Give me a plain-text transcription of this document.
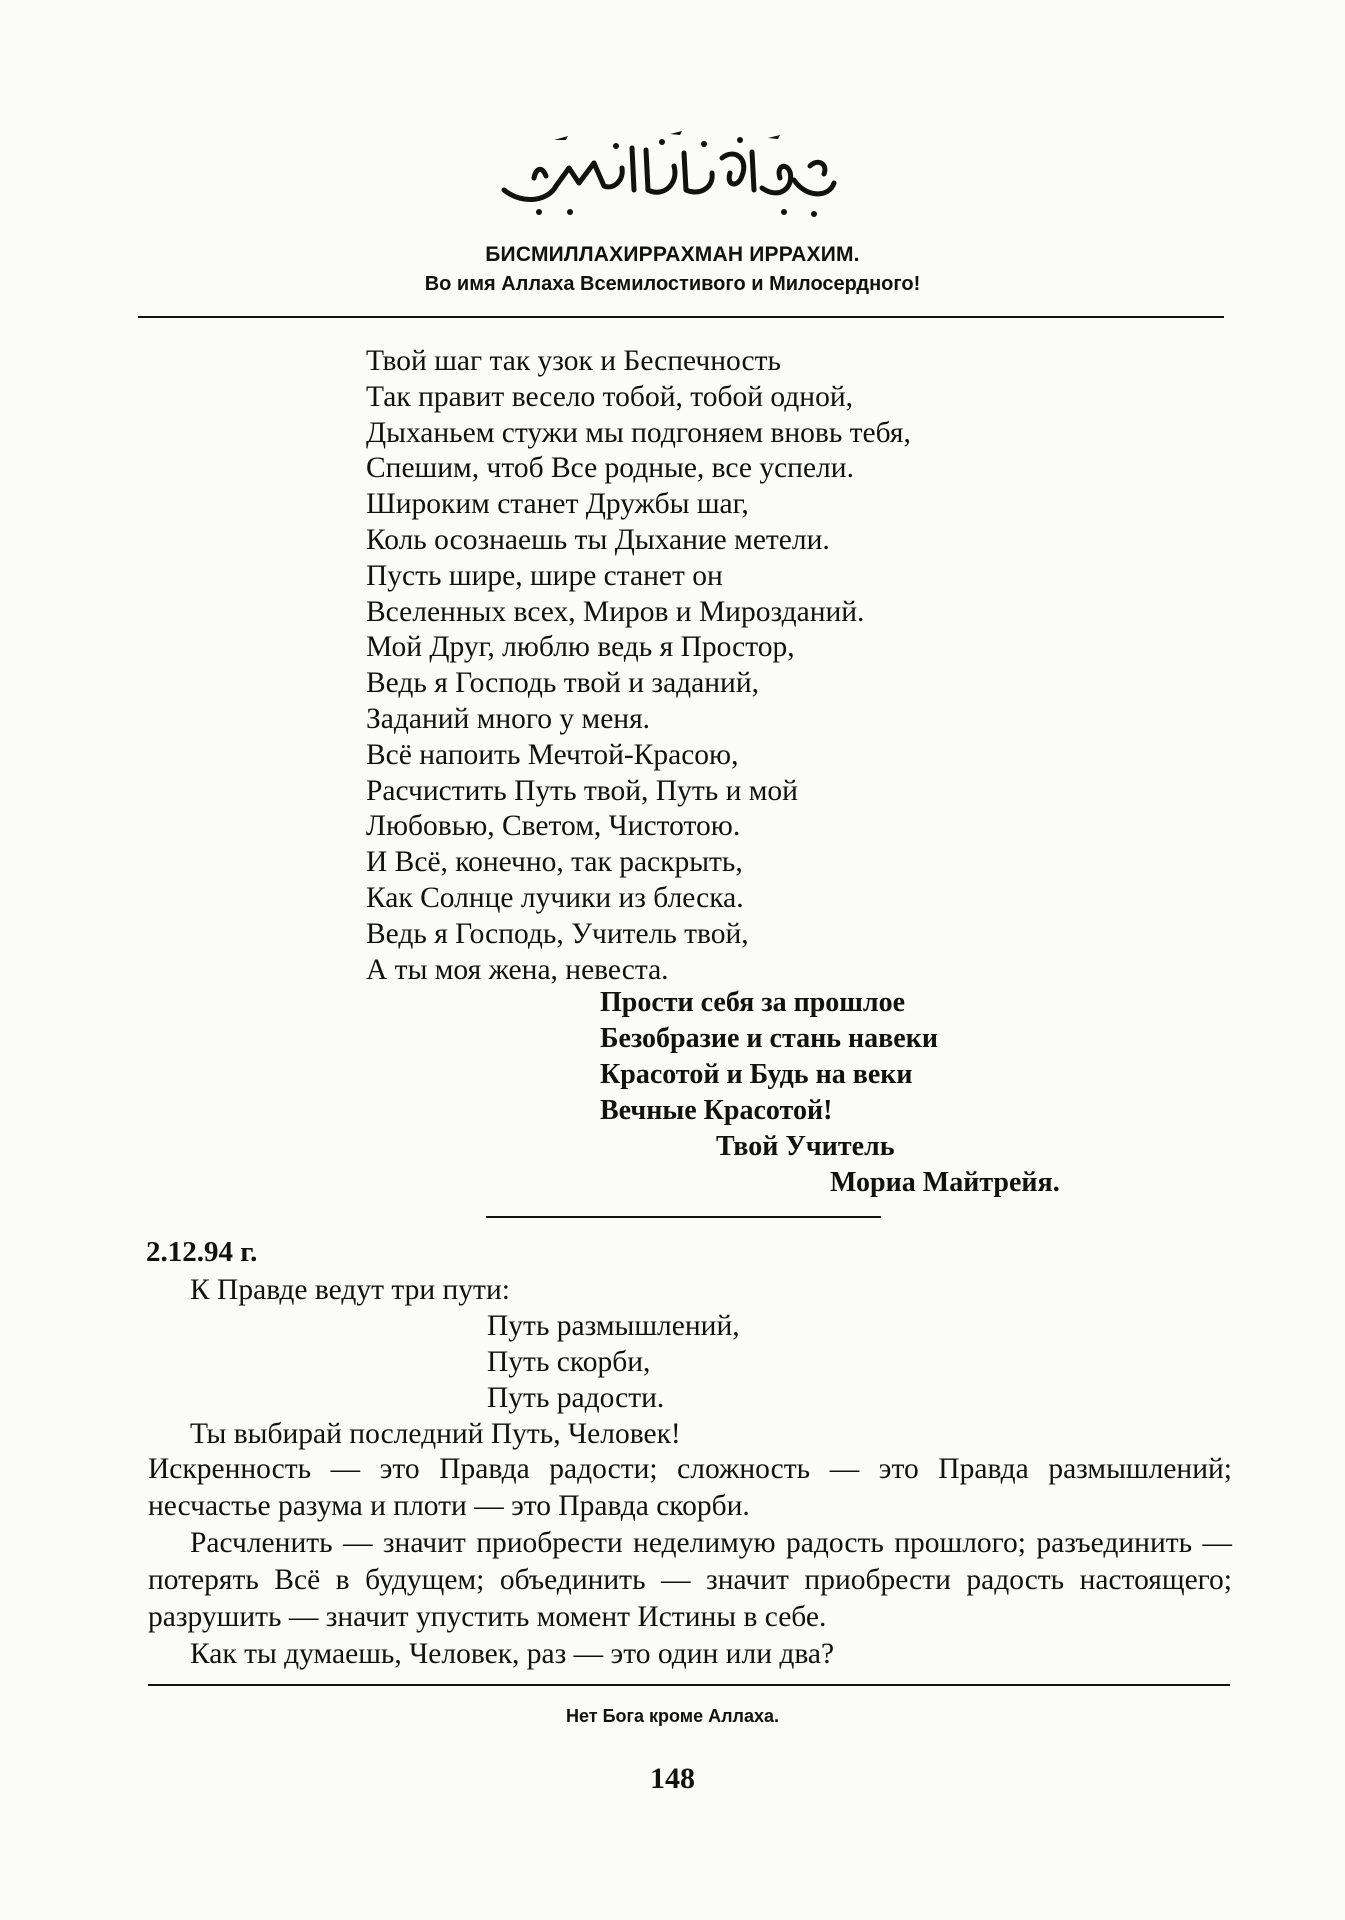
БИСМИЛЛАХИРРАХМАН ИРРАХИМ.
Во имя Аллаха Всемилостивого и Милосердного!
Твой шаг так узок и Беспечность
Так правит весело тобой, тобой одной,
Дыханьем стужи мы подгоняем вновь тебя,
Спешим, чтоб Все родные, все успели.
Широким станет Дружбы шаг,
Коль осознаешь ты Дыхание метели.
Пусть шире, шире станет он
Вселенных всех, Миров и Мирозданий.
Мой Друг, люблю ведь я Простор,
Ведь я Господь твой и заданий,
Заданий много у меня.
Всё напоить Мечтой-Красою,
Расчистить Путь твой, Путь и мой
Любовью, Светом, Чистотою.
И Всё, конечно, так раскрыть,
Как Солнце лучики из блеска.
Ведь я Господь, Учитель твой,
А ты моя жена, невеста.
Прости себя за прошлое
Безобразие и стань навеки
Красотой и Будь на веки
Вечные Красотой!
Твой Учитель
Мориа Майтрейя.
2.12.94 г.
К Правде ведут три пути:
Путь размышлений,
Путь скорби,
Путь радости.
Ты выбирай последний Путь, Человек!
Искренность — это Правда радости; сложность — это Правда размышлений; несчастье разума и плоти — это Правда скорби.
Расчленить — значит приобрести неделимую радость прошлого; разъединить — потерять Всё в будущем; объединить — значит приобрести радость настоящего; разрушить — значит упустить момент Истины в себе.
Как ты думаешь, Человек, раз — это один или два?
Нет Бога кроме Аллаха.
148
